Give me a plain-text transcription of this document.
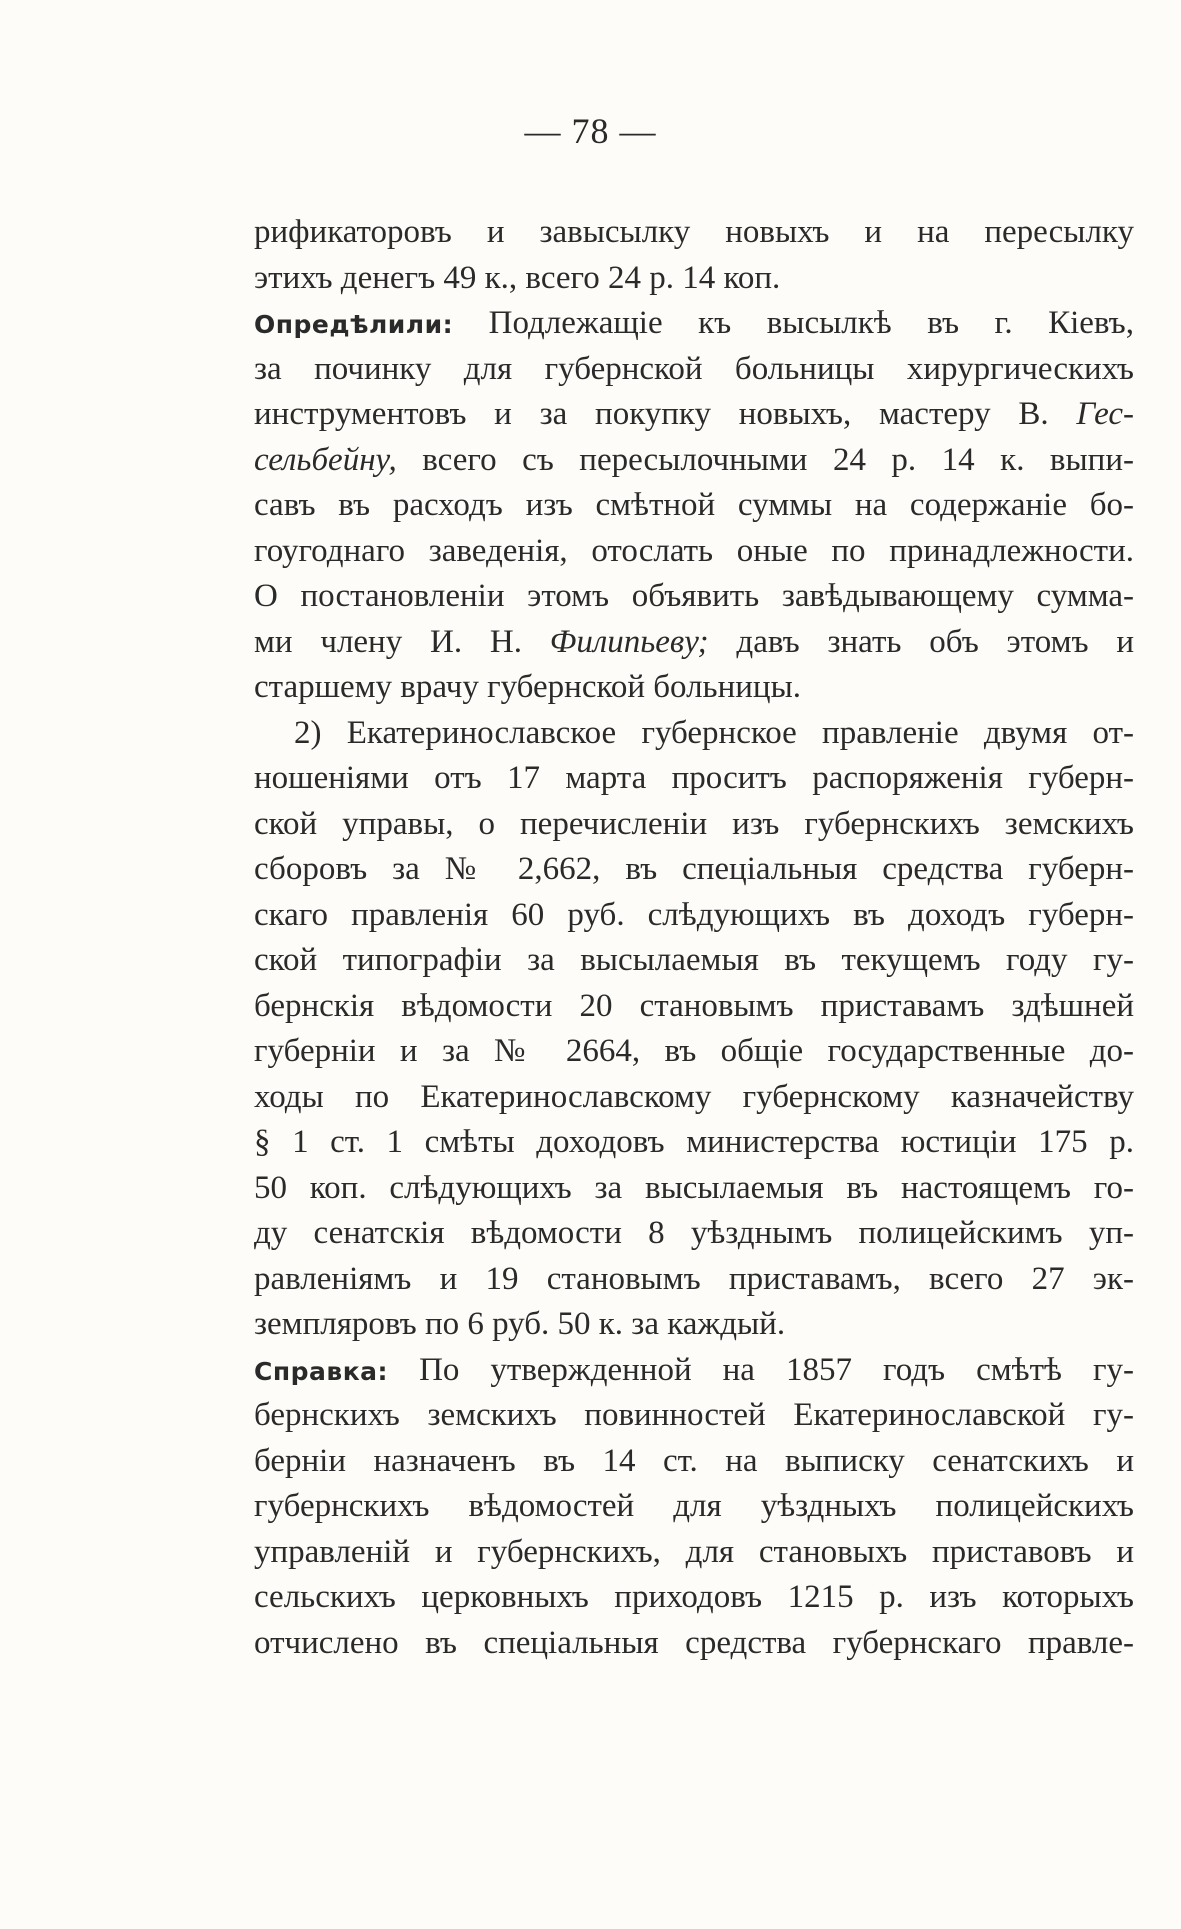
— 78 —
рификаторовъ и завысылку новыхъ и на пересылку
этихъ денегъ 49 к., всего 24 р. 14 коп.
Опредѣлили: Подлежащіе къ высылкѣ въ г. Кіевъ,
за починку для губернской больницы хирургическихъ
инструментовъ и за покупку новыхъ, мастеру В. Гес-
сельбейну, всего съ пересылочными 24 р. 14 к. выпи-
савъ въ расходъ изъ смѣтной суммы на содержаніе бо-
гоугоднаго заведенія, отослать оные по принадлежности.
О постановленіи этомъ объявить завѣдывающему сумма-
ми члену И. Н. Филипьеву; давъ знать объ этомъ и
старшему врачу губернской больницы.
2) Екатеринославское губернское правленіе двумя от-
ношеніями отъ 17 марта проситъ распоряженія губерн-
ской управы, о перечисленіи изъ губернскихъ земскихъ
сборовъ за № 2,662, въ спеціальныя средства губерн-
скаго правленія 60 руб. слѣдующихъ въ доходъ губерн-
ской типографіи за высылаемыя въ текущемъ году гу-
бернскія вѣдомости 20 становымъ приставамъ здѣшней
губерніи и за № 2664, въ общіе государственные до-
ходы по Екатеринославскому губернскому казначейству
§ 1 ст. 1 смѣты доходовъ министерства юстиціи 175 р.
50 коп. слѣдующихъ за высылаемыя въ настоящемъ го-
ду сенатскія вѣдомости 8 уѣзднымъ полицейскимъ уп-
равленіямъ и 19 становымъ приставамъ, всего 27 эк-
земпляровъ по 6 руб. 50 к. за каждый.
Справка: По утвержденной на 1857 годъ смѣтѣ гу-
бернскихъ земскихъ повинностей Екатеринославской гу-
берніи назначенъ въ 14 ст. на выписку сенатскихъ и
губернскихъ вѣдомостей для уѣздныхъ полицейскихъ
управленій и губернскихъ, для становыхъ приставовъ и
сельскихъ церковныхъ приходовъ 1215 р. изъ которыхъ
отчислено въ спеціальныя средства губернскаго правле-
